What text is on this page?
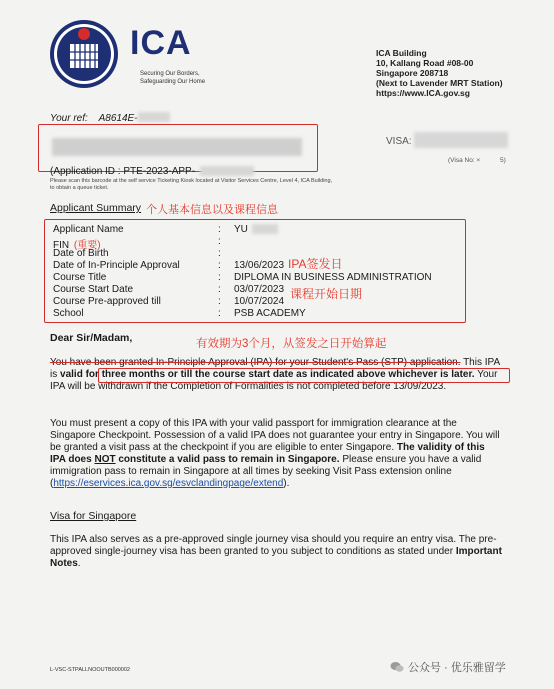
ICA
Securing Our Borders,
Safeguarding Our Home
ICA Building
10, Kallang Road #08-00
Singapore 208718
(Next to Lavender MRT Station)
https://www.ICA.gov.sg
Your ref: A8614E-
(Application ID : PTE-2023-APP-
VISA:
(Visa No: ×	5)
Please scan this barcode at the self service Ticketing Kiosk located at Visitor Services Centre, Level 4, ICA Building,
to obtain a queue ticket.
Applicant Summary 个人基本信息以及课程信息
Applicant Name	: YU
FIN (重要)	:
Date of Birth	:
Date of In-Principle Approval	: 13/06/2023 IPA签发日
Course Title	: DIPLOMA IN BUSINESS ADMINISTRATION
Course Start Date	: 03/07/2023 课程开始日期
Course Pre-approved till	: 10/07/2024
School	: PSB ACADEMY
Dear Sir/Madam,	有效期为3个月，从签发之日开始算起
You have been granted In-Principle Approval (IPA) for your Student's Pass (STP) application. This IPA is valid for three months or till the course start date as indicated above whichever is later. Your IPA will be withdrawn if the Completion of Formalities is not completed before 13/09/2023.
You must present a copy of this IPA with your valid passport for immigration clearance at the Singapore Checkpoint. Possession of a valid IPA does not guarantee your entry in Singapore. You will be granted a visit pass at the checkpoint if you are eligible to enter Singapore. The validity of this IPA does NOT constitute a valid pass to remain in Singapore. Please ensure you have a valid immigration pass to remain in Singapore at all times by seeking Visit Pass extension online (https://eservices.ica.gov.sg/esvclandingpage/extend).
Visa for Singapore
This IPA also serves as a pre-approved single journey visa should you require an entry visa. The pre-approved single-journey visa has been granted to you subject to conditions as stated under Important Notes.
L-VSC-STPALLNOOUTB000002	公众号 · 优乐雅留学
